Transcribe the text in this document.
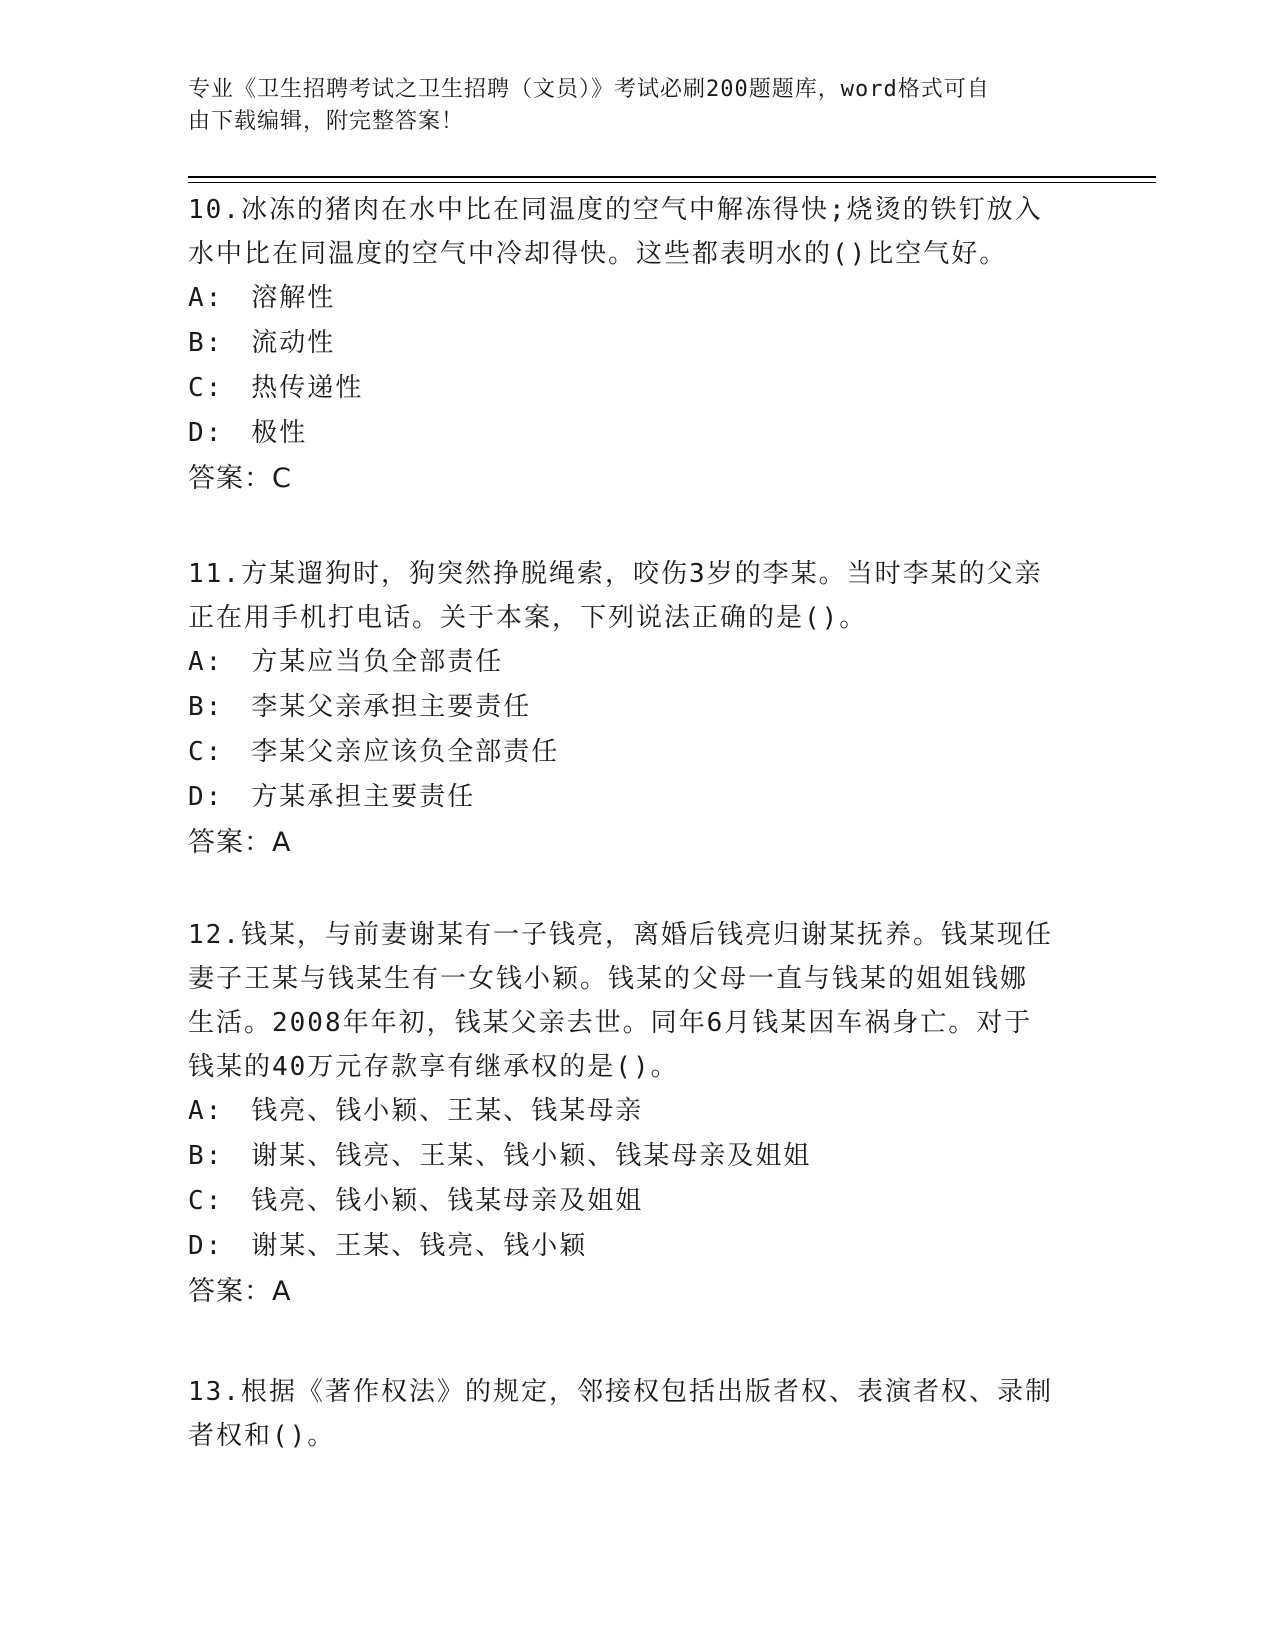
专业《卫生招聘考试之卫生招聘（文员）》考试必刷200题题库，word格式可自
由下载编辑，附完整答案！
10.冰冻的猪肉在水中比在同温度的空气中解冻得快;烧烫的铁钉放入
水中比在同温度的空气中冷却得快。这些都表明水的()比空气好。
A:　溶解性
B:　流动性
C:　热传递性
D:　极性
答案：C
11.方某遛狗时，狗突然挣脱绳索，咬伤3岁的李某。当时李某的父亲
正在用手机打电话。关于本案，下列说法正确的是()。
A:　方某应当负全部责任
B:　李某父亲承担主要责任
C:　李某父亲应该负全部责任
D:　方某承担主要责任
答案：A
12.钱某，与前妻谢某有一子钱亮，离婚后钱亮归谢某抚养。钱某现任
妻子王某与钱某生有一女钱小颖。钱某的父母一直与钱某的姐姐钱娜
生活。2008年年初，钱某父亲去世。同年6月钱某因车祸身亡。对于
钱某的40万元存款享有继承权的是()。
A:　钱亮、钱小颖、王某、钱某母亲
B:　谢某、钱亮、王某、钱小颖、钱某母亲及姐姐
C:　钱亮、钱小颖、钱某母亲及姐姐
D:　谢某、王某、钱亮、钱小颖
答案：A
13.根据《著作权法》的规定，邻接权包括出版者权、表演者权、录制
者权和()。
